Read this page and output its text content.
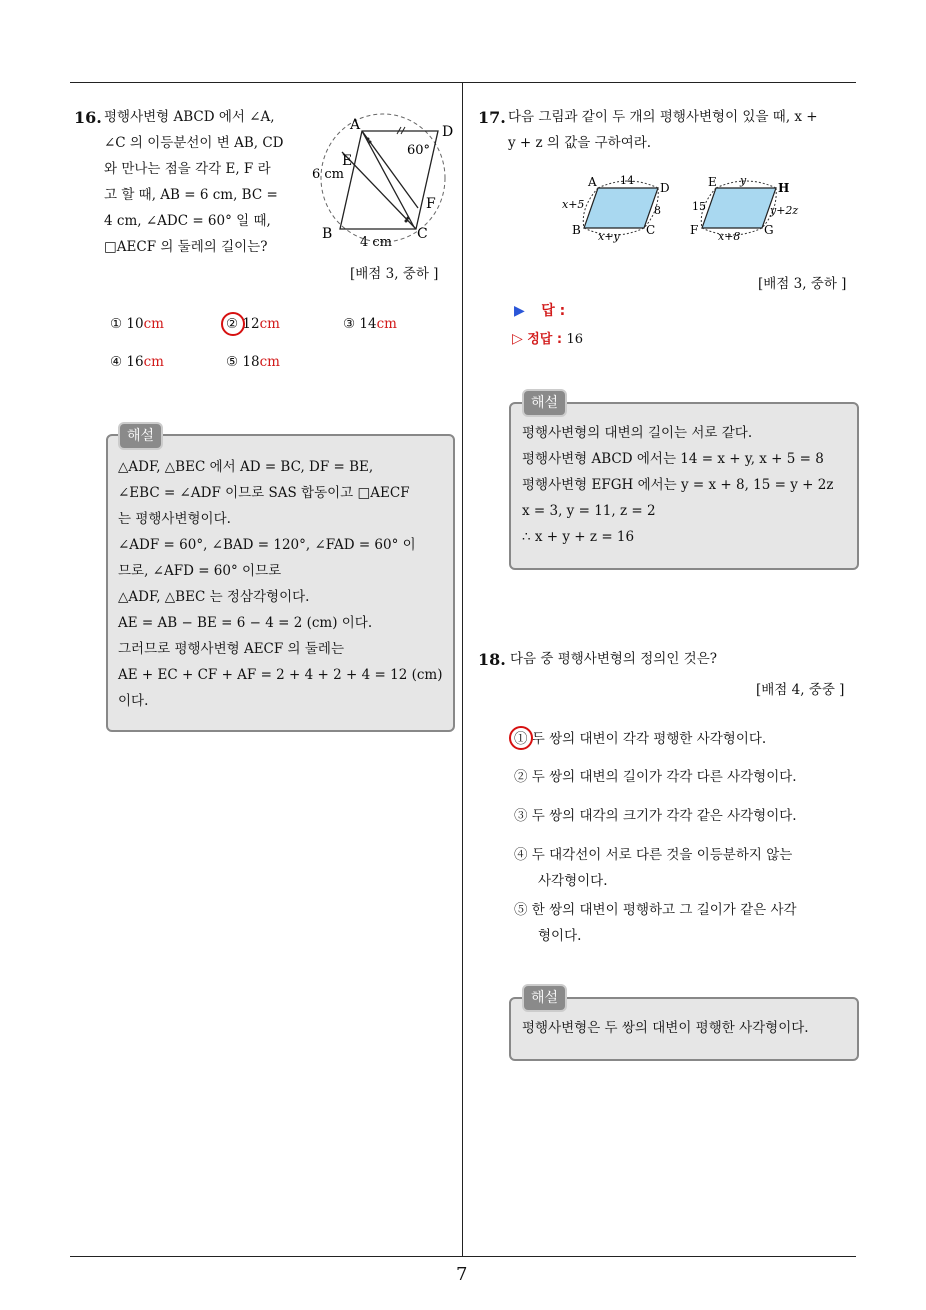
7
16. 평행사변형 ABCD 에서 ∠A,
∠C 의 이등분선이 변 AB, CD
와 만나는 점을 각각 E, F 라
고 할 때, AB = 6 cm, BC =
4 cm, ∠ADC = 60° 일 때,
□AECF 의 둘레의 길이는?
A	D
E
F
B	C
6 cm
4 cm
60°
[배점 3, 중하 ]
① 10cm	② 12cm	③ 14cm
④ 16cm	⑤ 18cm
해설
△ADF, △BEC 에서 AD = BC, DF = BE,
∠EBC = ∠ADF 이므로 SAS 합동이고 □AECF
는 평행사변형이다.
∠ADF = 60°, ∠BAD = 120°, ∠FAD = 60° 이
므로, ∠AFD = 60° 이므로
△ADF, △BEC 는 정삼각형이다.
AE = AB − BE = 6 − 4 = 2 (cm) 이다.
그러므로 평행사변형 AECF 의 둘레는
AE + EC + CF + AF = 2 + 4 + 2 + 4 = 12 (cm)
이다.
17. 다음 그림과 같이 두 개의 평행사변형이 있을 때, x +
y + z 의 값을 구하여라.
A	D
B	C
14
x+5	8
x+y
E	H
F	G
y
15	y+2z
x+8
[배점 3, 중하 ]
▶ 답 :
▷ 정답 : 16
해설
평행사변형의 대변의 길이는 서로 같다.
평행사변형 ABCD 에서는 14 = x + y, x + 5 = 8
평행사변형 EFGH 에서는 y = x + 8, 15 = y + 2z
x = 3, y = 11, z = 2
∴ x + y + z = 16
18. 다음 중 평행사변형의 정의인 것은?
[배점 4, 중중 ]
① 두 쌍의 대변이 각각 평행한 사각형이다.
② 두 쌍의 대변의 길이가 각각 다른 사각형이다.
③ 두 쌍의 대각의 크기가 각각 같은 사각형이다.
④ 두 대각선이 서로 다른 것을 이등분하지 않는
사각형이다.
⑤ 한 쌍의 대변이 평행하고 그 길이가 같은 사각
형이다.
해설
평행사변형은 두 쌍의 대변이 평행한 사각형이다.
